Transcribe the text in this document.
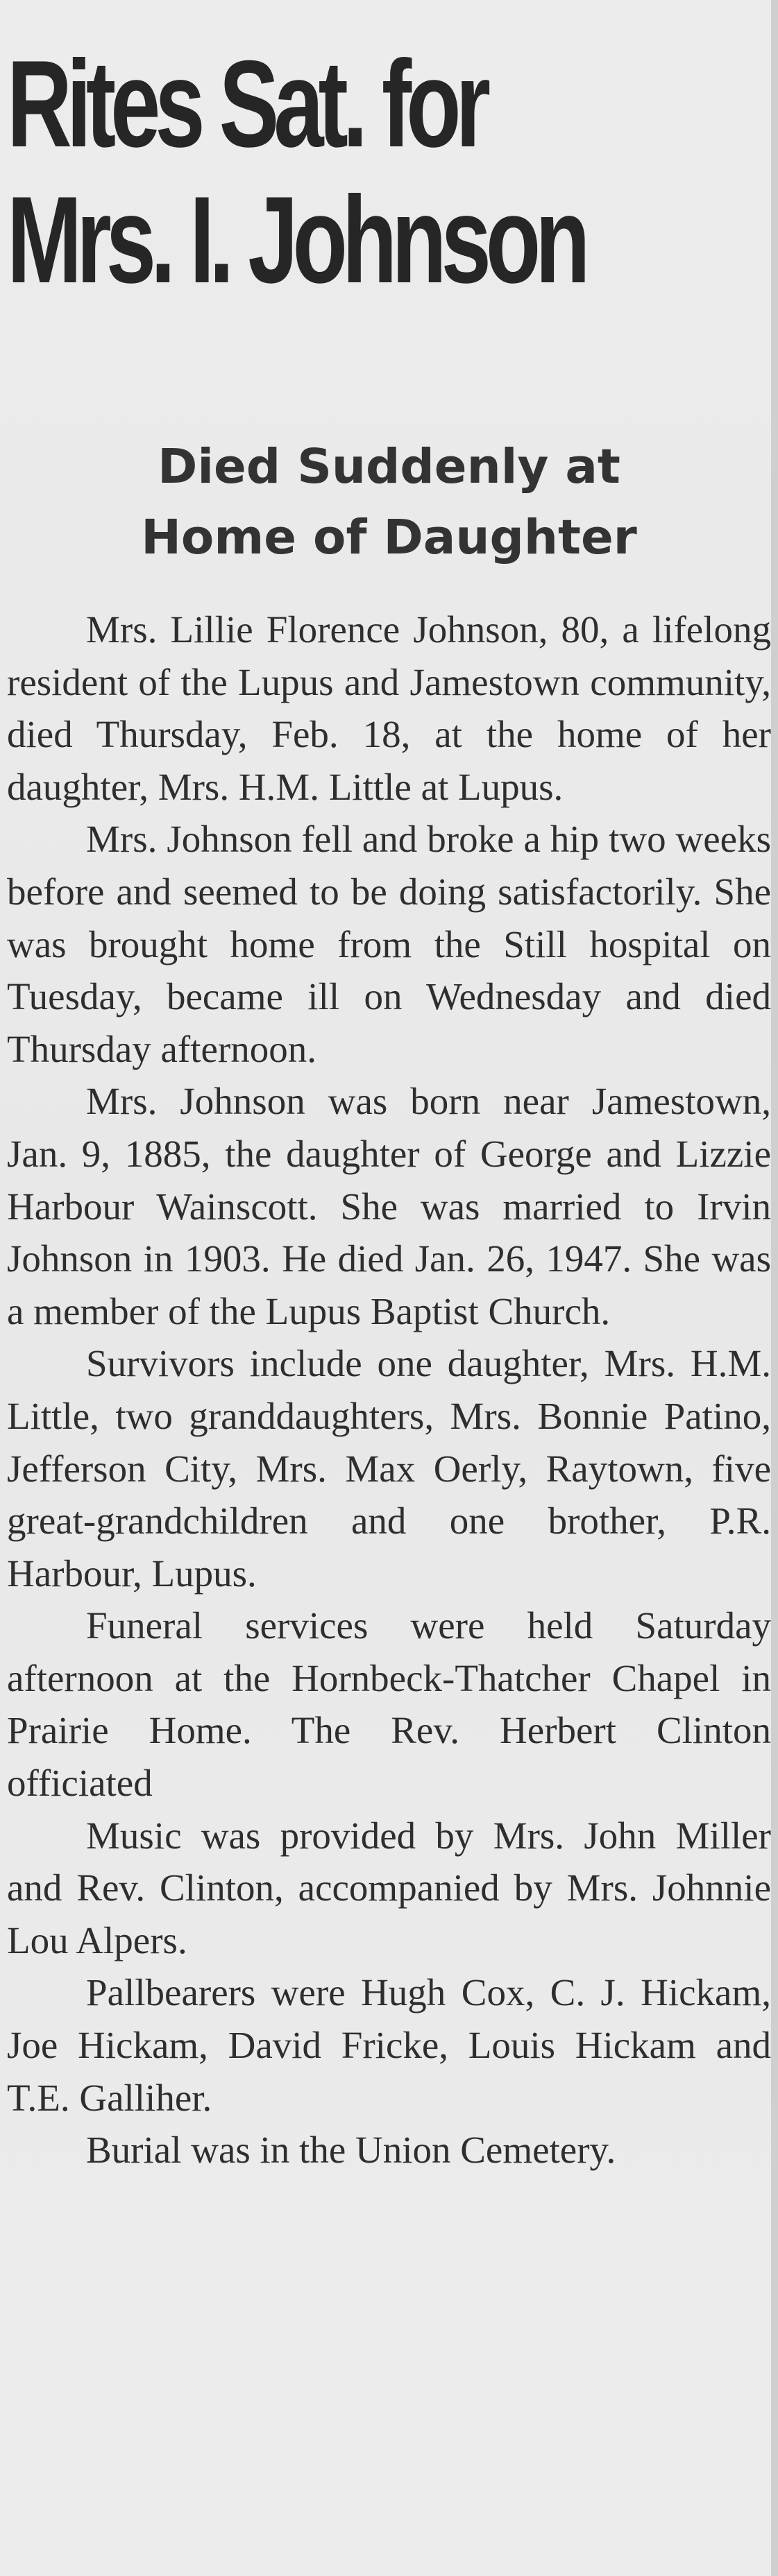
Rites Sat. for
Mrs. I. Johnson
Died Suddenly at
Home of Daughter

Mrs. Lillie Florence Johnson, 80, a lifelong resident of the Lupus and Jamestown community, died Thursday, Feb. 18, at the home of her daughter, Mrs. H.M. Little at Lupus.

Mrs. Johnson fell and broke a hip two weeks before and seemed to be doing satisfactorily. She was brought home from the Still hospital on Tuesday, became ill on Wednesday and died Thursday afternoon.

Mrs. Johnson was born near Jamestown, Jan. 9, 1885, the daughter of George and Lizzie Harbour Wainscott. She was married to Irvin Johnson in 1903. He died Jan. 26, 1947. She was a member of the Lupus Baptist Church.

Survivors include one daughter, Mrs. H.M. Little, two granddaughters, Mrs. Bonnie Patino, Jefferson City, Mrs. Max Oerly, Raytown, five great-grandchildren and one brother, P.R. Harbour, Lupus.

Funeral services were held Saturday afternoon at the Hornbeck-Thatcher Chapel in Prairie Home. The Rev. Herbert Clinton officiated

Music was provided by Mrs. John Miller and Rev. Clinton, accompanied by Mrs. Johnnie Lou Alpers.

Pallbearers were Hugh Cox, C. J. Hickam, Joe Hickam, David Fricke, Louis Hickam and T.E. Galliher.

Burial was in the Union Cemetery.
